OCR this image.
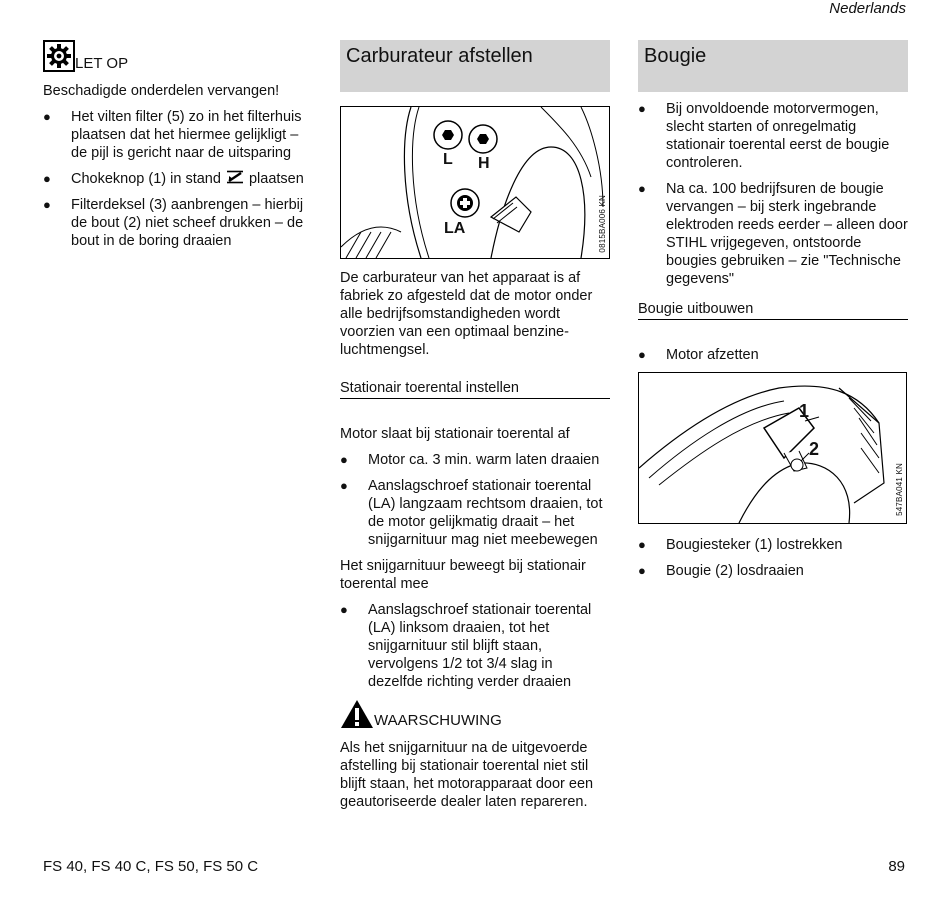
Nederlands
LET OP
Beschadigde onderdelen vervangen!
● Het vilten filter (5) zo in het filterhuis plaatsen dat het hiermee gelijkligt – de pijl is gericht naar de uitsparing
● Chokeknop (1) in stand plaatsen
● Filterdeksel (3) aanbrengen – hierbij de bout (2) niet scheef drukken – de bout in de boring draaien
Carburateur afstellen
L H
LA	0815BA006 KN
De carburateur van het apparaat is af fabriek zo afgesteld dat de motor onder alle bedrijfsomstandigheden wordt voorzien van een optimaal benzine-luchtmengsel.
Stationair toerental instellen
Motor slaat bij stationair toerental af
● Motor ca. 3 min. warm laten draaien
● Aanslagschroef stationair toerental (LA) langzaam rechtsom draaien, tot de motor gelijkmatig draait – het snijgarnituur mag niet meebewegen
Het snijgarnituur beweegt bij stationair toerental mee
● Aanslagschroef stationair toerental (LA) linksom draaien, tot het snijgarnituur stil blijft staan, vervolgens 1/2 tot 3/4 slag in dezelfde richting verder draaien
WAARSCHUWING
Als het snijgarnituur na de uitgevoerde afstelling bij stationair toerental niet stil blijft staan, het motorapparaat door een geautoriseerde dealer laten repareren.
Bougie
● Bij onvoldoende motorvermogen, slecht starten of onregelmatig stationair toerental eerst de bougie controleren.
● Na ca. 100 bedrijfsuren de bougie vervangen – bij sterk ingebrande elektroden reeds eerder – alleen door STIHL vrijgegeven, ontstoorde bougies gebruiken – zie "Technische gegevens"
Bougie uitbouwen
● Motor afzetten
1
2
547BA041 KN
● Bougiesteker (1) lostrekken
● Bougie (2) losdraaien
FS 40, FS 40 C, FS 50, FS 50 C	89
